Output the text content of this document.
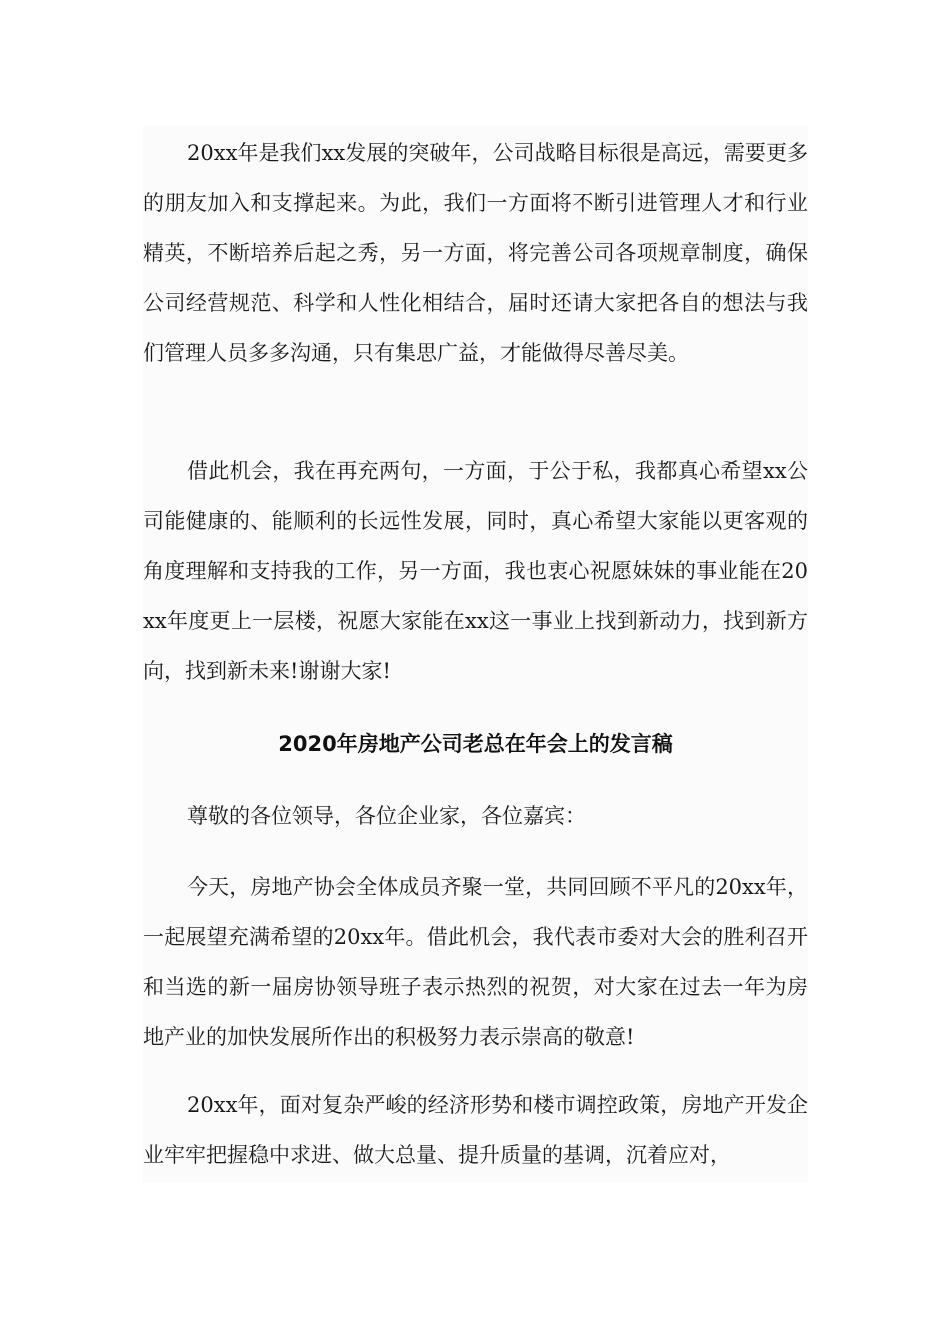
20xx年是我们xx发展的突破年，公司战略目标很是高远，需要更多的朋友加入和支撑起来。为此，我们一方面将不断引进管理人才和行业精英，不断培养后起之秀，另一方面，将完善公司各项规章制度，确保公司经营规范、科学和人性化相结合，届时还请大家把各自的想法与我们管理人员多多沟通，只有集思广益，才能做得尽善尽美。

借此机会，我在再充两句，一方面，于公于私，我都真心希望xx公司能健康的、能顺利的长远性发展，同时，真心希望大家能以更客观的角度理解和支持我的工作，另一方面，我也衷心祝愿妹妹的事业能在20xx年度更上一层楼，祝愿大家能在xx这一事业上找到新动力，找到新方向，找到新未来!谢谢大家!

2020年房地产公司老总在年会上的发言稿

尊敬的各位领导，各位企业家，各位嘉宾：

今天，房地产协会全体成员齐聚一堂，共同回顾不平凡的20xx年，一起展望充满希望的20xx年。借此机会，我代表市委对大会的胜利召开和当选的新一届房协领导班子表示热烈的祝贺，对大家在过去一年为房地产业的加快发展所作出的积极努力表示崇高的敬意!

20xx年，面对复杂严峻的经济形势和楼市调控政策，房地产开发企业牢牢把握稳中求进、做大总量、提升质量的基调，沉着应对，
